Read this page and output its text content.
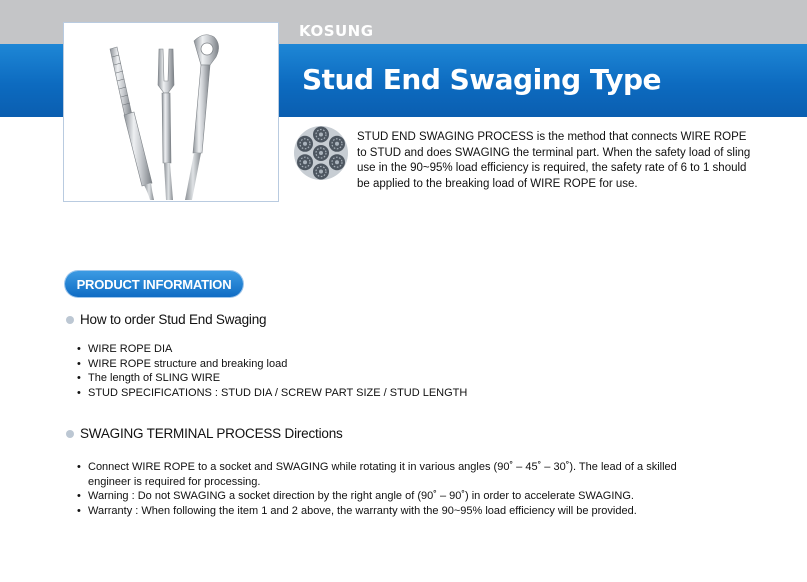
KOSUNG
Stud End Swaging Type
STUD END SWAGING PROCESS is the method that connects WIRE ROPE to STUD and does SWAGING the terminal part. When the safety load of sling use in the 90~95% load efficiency is required, the safety rate of 6 to 1 should be applied to the breaking load of WIRE ROPE for use.
PRODUCT INFORMATION
How to order Stud End Swaging
• WIRE ROPE DIA
• WIRE ROPE structure and breaking load
• The length of SLING WIRE
• STUD SPECIFICATIONS : STUD DIA / SCREW PART SIZE / STUD LENGTH
SWAGING TERMINAL PROCESS Directions
• Connect WIRE ROPE to a socket and SWAGING while rotating it in various angles (90˚ – 45˚ – 30˚). The lead of a skilled engineer is required for processing.
• Warning : Do not SWAGING a socket direction by the right angle of (90˚ – 90˚) in order to accelerate SWAGING.
• Warranty : When following the item 1 and 2 above, the warranty with the 90~95% load efficiency will be provided.
